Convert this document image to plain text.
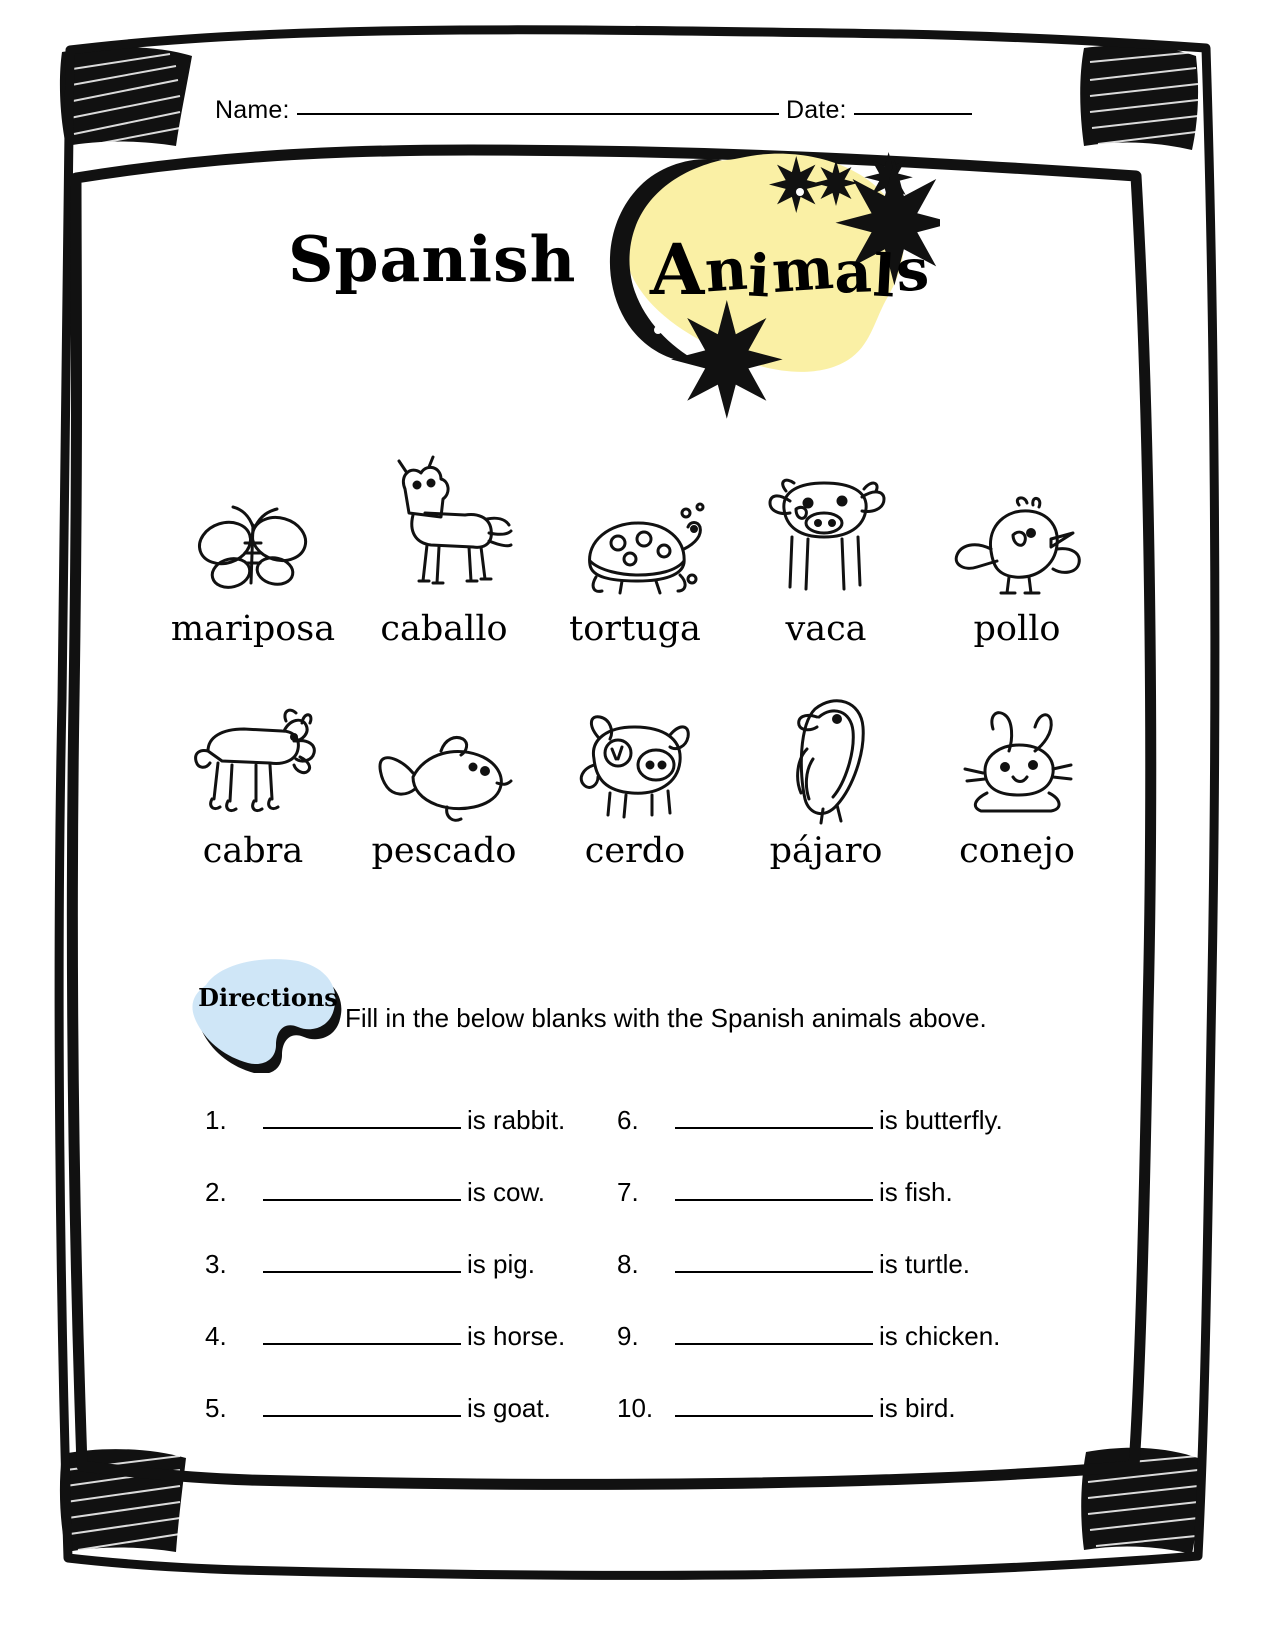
Name:	Date:
Spanish Animals
mariposa	caballo	tortuga	vaca	pollo
cabra	pescado	cerdo	pájaro	conejo
Directions
Fill in the below blanks with the Spanish animals above.
1.	is rabbit. 6.	is butterfly.
2.	is cow.	7.	is fish.
3.	is pig.	8.	is turtle.
4.	is horse. 9.	is chicken.
5.	is goat.	10.	is bird.
